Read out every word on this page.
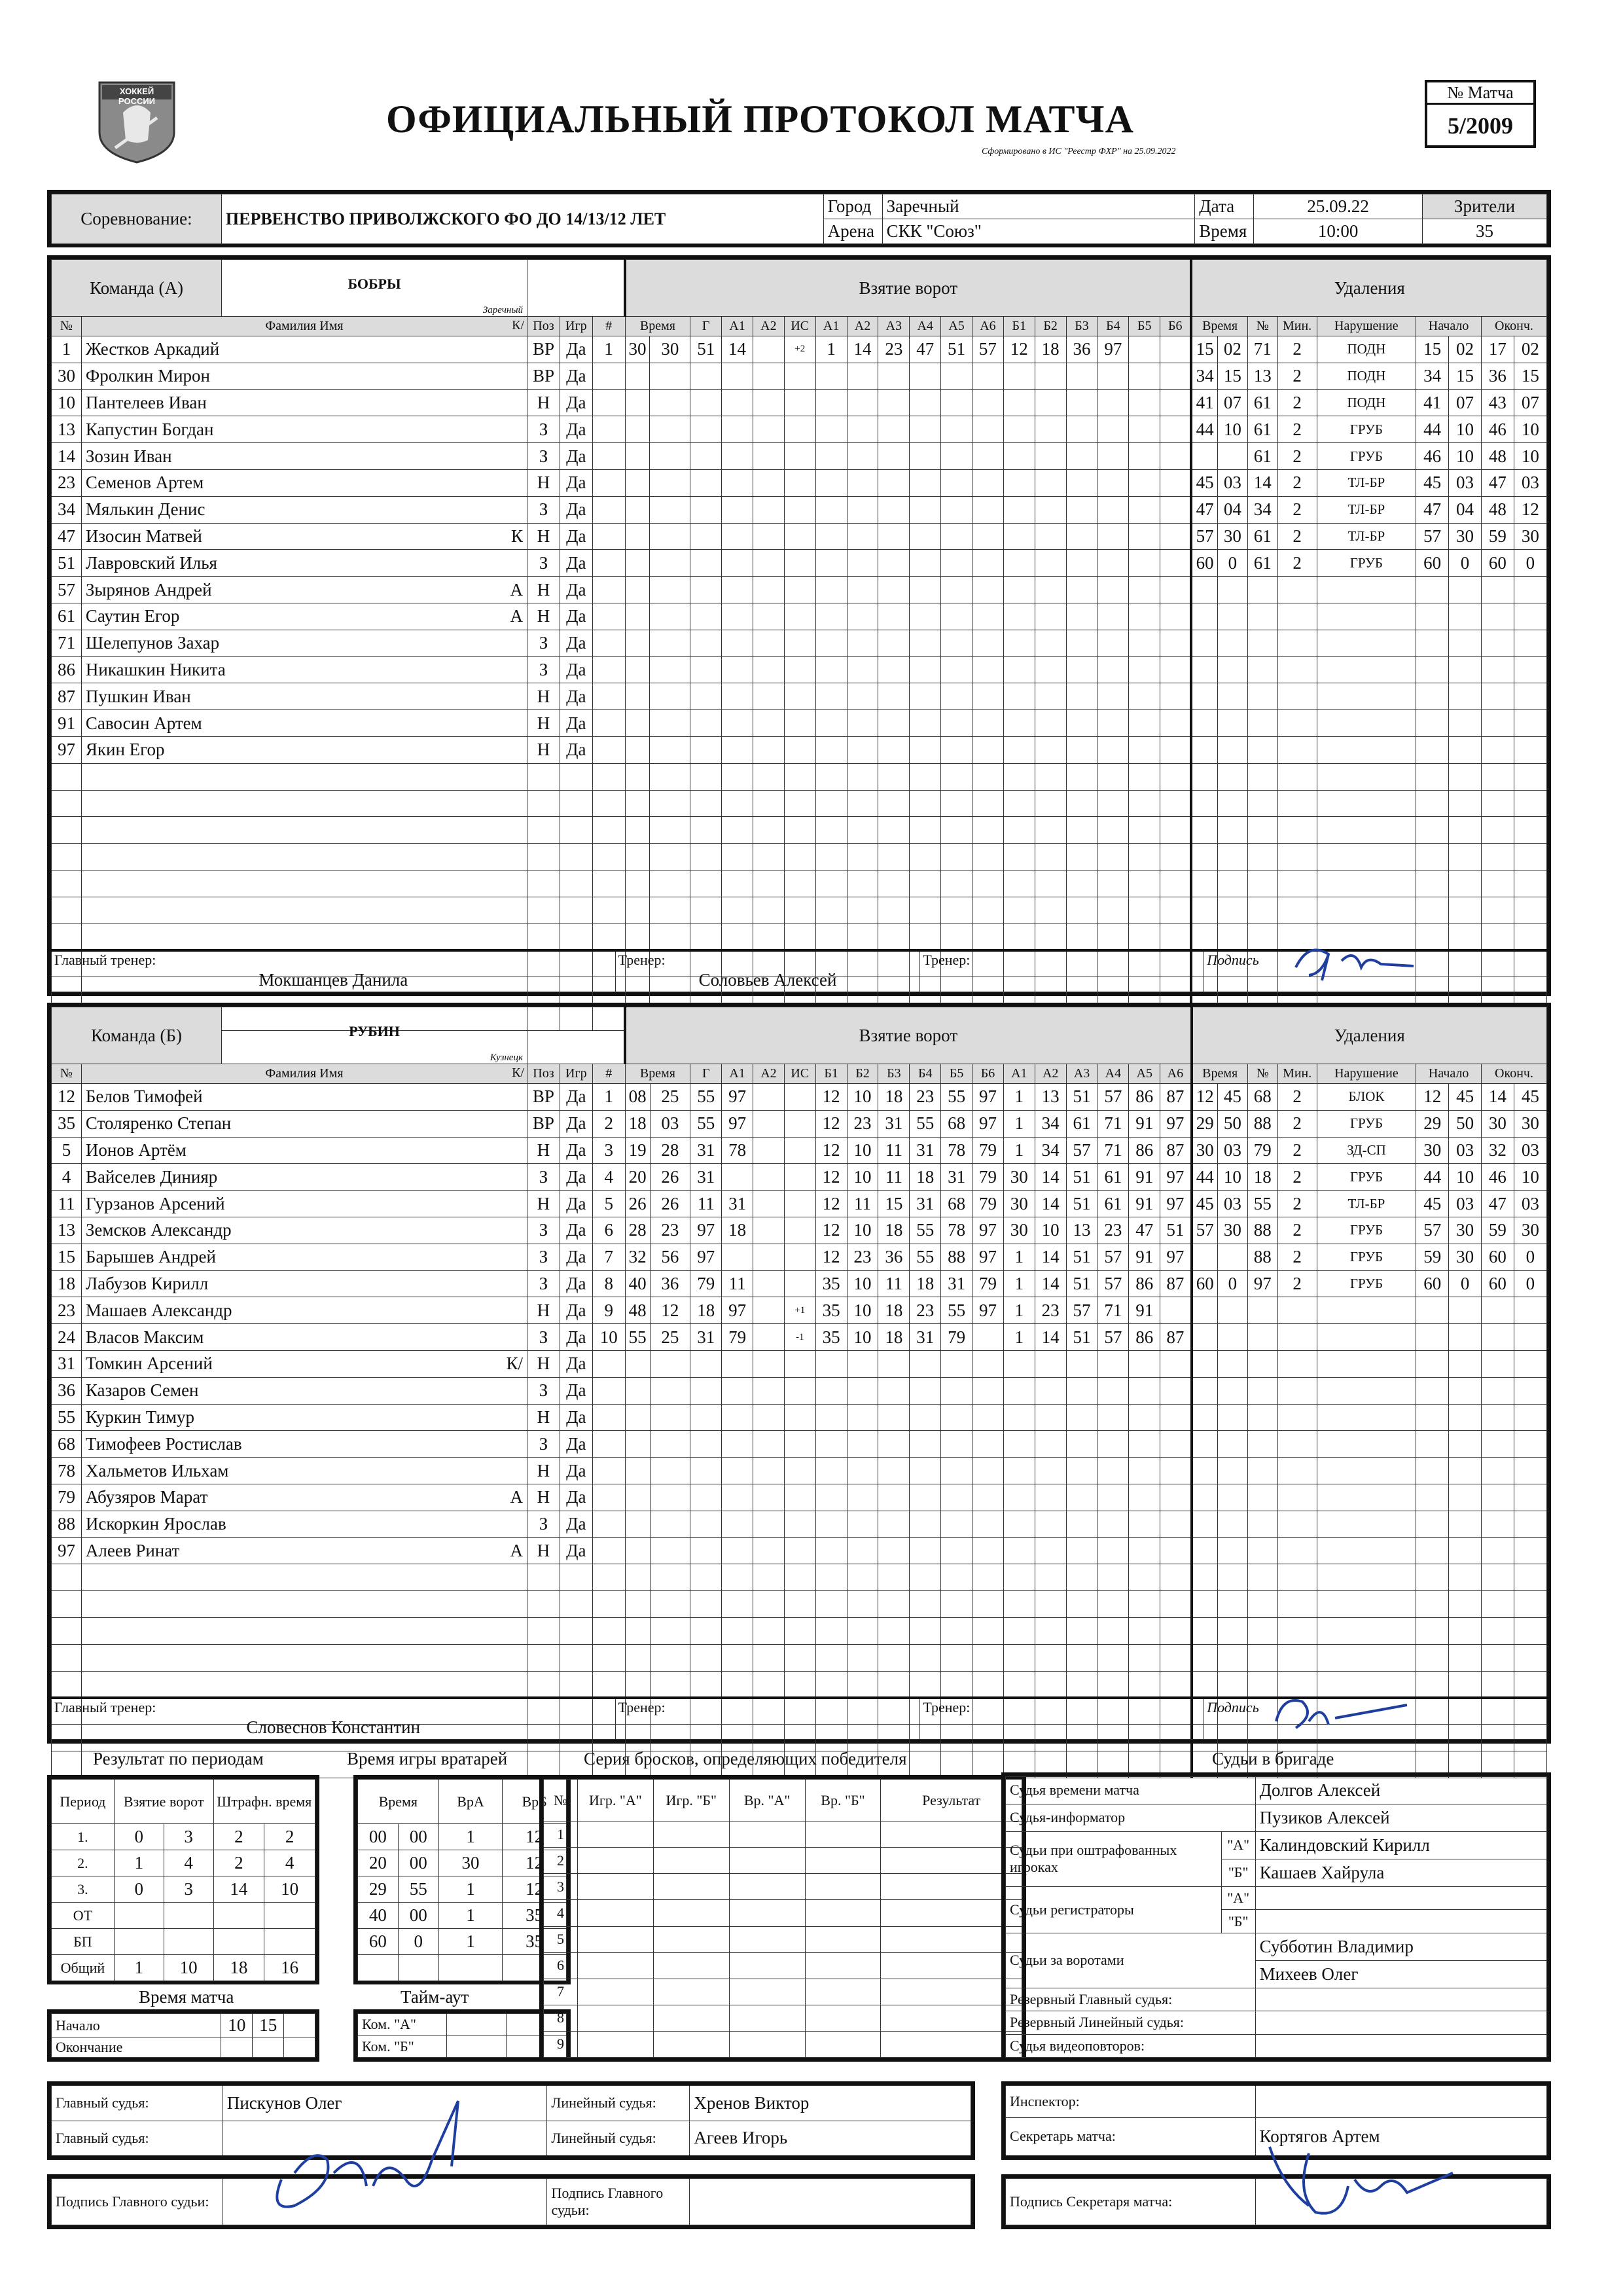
ХОККЕЙ РОССИИ	ОФИЦИАЛЬНЫЙ ПРОТОКОЛ МАТЧА
Сформировано в ИС "Реестр ФХР" на 25.09.2022
№ Матча
5/2009
Соревнование:	ПЕРВЕНСТВО ПРИВОЛЖСКОГО ФО ДО 14/13/12 ЛЕТ	Город	Заречный	Дата	25.09.22	Зрители
		Арена	СКК "Союз"	Время	10:00	35
Команда (А) БОБРЫ
Заречный					Взятие ворот																		Удаления								
№	Фамилия Имя К/	Поз	Игр	#	Время		Г	А1	А2	ИС	А1	А2	А3	А4	А5	А6	Б1	Б2	Б3	Б4	Б5	Б6	Время		№	Мин.	Нарушение	Начало		Оконч.	
1	Жестков Аркадий	ВР	Да	1	30	30	51	14		+2	1	14	23	47	51	57	12	18	36	97			15	02	71	2	ПОДН	15	02	17	02
30	Фролкин Мирон	ВР	Да																				34	15	13	2	ПОДН	34	15	36	15
10	Пантелеев Иван	Н	Да																				41	07	61	2	ПОДН	41	07	43	07
13	Капустин Богдан	З	Да																				44	10	61	2	ГРУБ	44	10	46	10
14	Зозин Иван	З	Да																						61	2	ГРУБ	46	10	48	10
23	Семенов Артем	Н	Да																				45	03	14	2	ТЛ-БР	45	03	47	03
34	Мялькин Денис	З	Да																				47	04	34	2	ТЛ-БР	47	04	48	12
47	Изосин Матвей К	Н	Да																				57	30	61	2	ТЛ-БР	57	30	59	30
51	Лавровский Илья	З	Да																				60	0	61	2	ГРУБ	60	0	60	0
57	Зырянов Андрей А	Н	Да																												
61	Саутин Егор А	Н	Да																												
71	Шелепунов Захар	З	Да																												
86	Никашкин Никита	З	Да																												
87	Пушкин Иван	Н	Да																												
91	Савосин Артем	Н	Да																												
97	Якин Егор	Н	Да																												

Главный тренер:
Мокшанцев Данила

Тренер:
Соловьев Алексей

Тренер:	Подпись
Команда (Б) РУБИН
Кузнецк					Взятие ворот																		Удаления								
№	Фамилия Имя К/	Поз	Игр	#	Время		Г	А1	А2	ИС	Б1	Б2	Б3	Б4	Б5	Б6	А1	А2	А3	А4	А5	А6	Время		№	Мин.	Нарушение	Начало		Оконч.	
12	Белов Тимофей	ВР	Да	1	08	25	55	97			12	10	18	23	55	97	1	13	51	57	86	87	12	45	68	2	БЛОК	12	45	14	45
35	Столяренко Степан	ВР	Да	2	18	03	55	97			12	23	31	55	68	97	1	34	61	71	91	97	29	50	88	2	ГРУБ	29	50	30	30
5	Ионов Артём	Н	Да	3	19	28	31	78			12	10	11	31	78	79	1	34	57	71	86	87	30	03	79	2	ЗД-СП	30	03	32	03
4	Вайселев Динияр	З	Да	4	20	26	31				12	10	11	18	31	79	30	14	51	61	91	97	44	10	18	2	ГРУБ	44	10	46	10
11	Гурзанов Арсений	Н	Да	5	26	26	11	31			12	11	15	31	68	79	30	14	51	61	91	97	45	03	55	2	ТЛ-БР	45	03	47	03
13	Земсков Александр	З	Да	6	28	23	97	18			12	10	18	55	78	97	30	10	13	23	47	51	57	30	88	2	ГРУБ	57	30	59	30
15	Барышев Андрей	З	Да	7	32	56	97				12	23	36	55	88	97	1	14	51	57	91	97			88	2	ГРУБ	59	30	60	0
18	Лабузов Кирилл	З	Да	8	40	36	79	11			35	10	11	18	31	79	1	14	51	57	86	87	60	0	97	2	ГРУБ	60	0	60	0
23	Машаев Александр	Н	Да	9	48	12	18	97		+1	35	10	18	23	55	97	1	23	57	71	91										
24	Власов Максим	З	Да	10	55	25	31	79		-1	35	10	18	31	79		1	14	51	57	86	87									
31	Томкин Арсений К/	Н	Да																												
36	Казаров Семен	З	Да																												
55	Куркин Тимур	Н	Да																												
68	Тимофеев Ростислав	З	Да																												
78	Хальметов Ильхам	Н	Да																												
79	Абузяров Марат А	Н	Да																												
88	Искоркин Ярослав	З	Да																												
97	Алеев Ринат А	Н	Да																												

Главный тренер:
Словеснов Константин

Тренер:	Тренер:	Подпись
Результат по периодам
Период	Взятие ворот		Штрафн. время	
1.	0	3	2	2
2.	1	4	2	4
3.	0	3	14	10
ОТ				
БП				
Общий	1	10	18	16
Время игры вратарей
Время		ВрА	ВрБ
00	00	1	12
20	00	30	12
29	55	1	12
40	00	1	35
60	0	1	35

Время матча
Начало	10	15	
Окончание			
Тайм-аут
Ком. "А"		
Ком. "Б"		
Серия бросков, определяющих победителя
№	Игр. "А"	Игр. "Б"	Вр. "А"	Вр. "Б"	Результат
1					
2					
3					
4					
5					
6					
7					
8					
9					
Судьи в бригаде
Судья времени матча		Долгов Алексей
Судья-информатор		Пузиков Алексей
Судьи при оштрафованных игроках	"А"	Калиндовский Кирилл
	"Б"	Кашаев Хайрула
Судьи регистраторы	"А"	
	"Б"	
Судьи за воротами		Субботин Владимир
		Михеев Олег
Резервный Главный судья:		
Резервный Линейный судья:		
Судья видеоповторов:		
Главный судья:	Пискунов Олег	Линейный судья:	Хренов Виктор
Главный судья:		Линейный судья:	Агеев Игорь
Инспектор:	
Секретарь матча:	Кортягов Артем
Подпись Главного судьи:		Подпись Главного судьи:	
Подпись Секретаря матча:	
